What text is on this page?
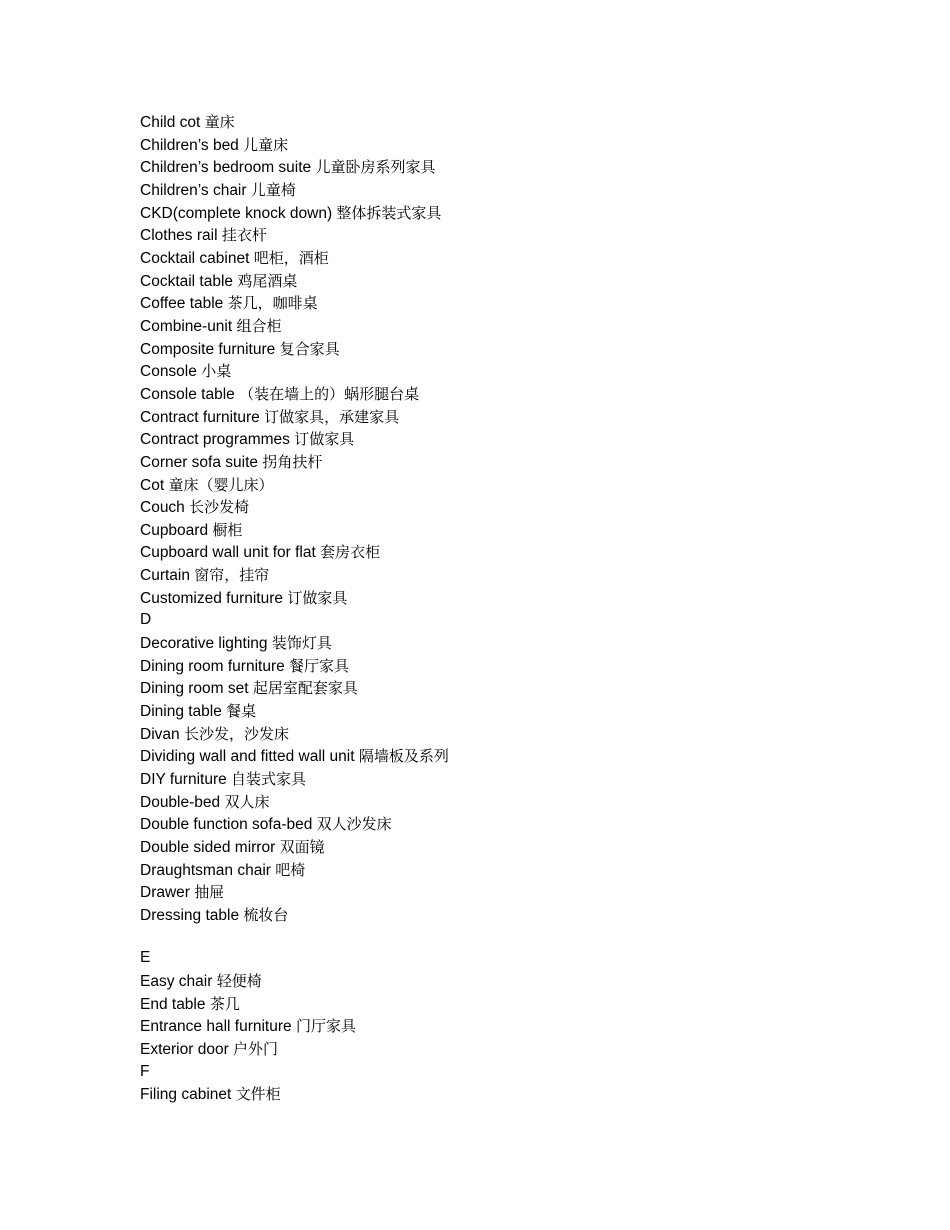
Child cot 童床
Children’s bed 儿童床
Children’s bedroom suite 儿童卧房系列家具
Children’s chair 儿童椅
CKD(complete knock down) 整体拆装式家具
Clothes rail 挂衣杆
Cocktail cabinet 吧柜，酒柜
Cocktail table 鸡尾酒桌
Coffee table 茶几，咖啡桌
Combine-unit 组合柜
Composite furniture 复合家具
Console 小桌
Console table （装在墙上的）蜗形腿台桌
Contract furniture 订做家具，承建家具
Contract programmes 订做家具
Corner sofa suite 拐角扶杆
Cot 童床（婴儿床）
Couch 长沙发椅
Cupboard 橱柜
Cupboard wall unit for flat 套房衣柜
Curtain 窗帘，挂帘
Customized furniture 订做家具
D
Decorative lighting 装饰灯具
Dining room furniture 餐厅家具
Dining room set 起居室配套家具
Dining table 餐桌
Divan 长沙发，沙发床
Dividing wall and fitted wall unit 隔墙板及系列
DIY furniture 自装式家具
Double-bed 双人床
Double function sofa-bed 双人沙发床
Double sided mirror 双面镜
Draughtsman chair 吧椅
Drawer 抽屉
Dressing table 梳妆台
E
Easy chair 轻便椅
End table 茶几
Entrance hall furniture 门厅家具
Exterior door 户外门
F
Filing cabinet 文件柜
